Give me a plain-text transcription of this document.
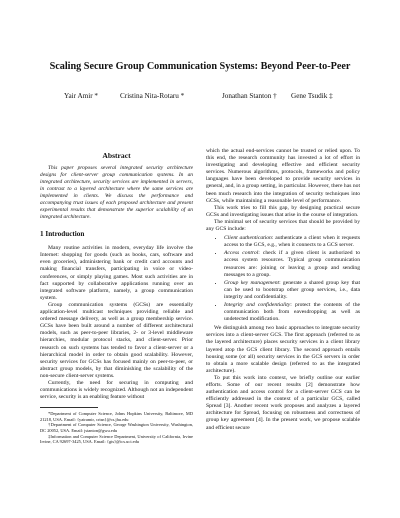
Scaling Secure Group Communication Systems: Beyond Peer-to-Peer
Yair Amir *	Cristina Nita-Rotaru *	Jonathan Stanton † Gene Tsudik ‡
Abstract

This paper proposes several integrated security architecture designs for client-server group communication systems. In an integrated architecture, security services are implemented in servers, in contrast to a layered architecture where the same services are implemented in clients. We discuss the performance and accompanying trust issues of each proposed architecture and present experimental results that demonstrate the superior scalability of an integrated architecture.

1 Introduction

Many routine activities in modern, everyday life involve the Internet: shopping for goods (such as books, cars, software and even groceries), administering bank or credit card accounts and making financial transfers, participating in voice or video-conferences, or simply playing games. Most such activities are in fact supported by collaborative applications running over an integrated software platform, namely, a group communication system.

Group communication systems (GCSs) are essentially application-level multicast techniques providing reliable and ordered message delivery, as well as a group membership service. GCSs have been built around a number of different architectural models, such as peer-to-peer libraries, 2- or 3-level middleware hierarchies, modular protocol stacks, and client-server. Prior research on such systems has tended to favor a client-server or a hierarchical model in order to obtain good scalability. However, security services for GCSs has focused mainly on peer-to-peer, or abstract group models, by that diminishing the scalability of the non-secure client-server systems.

Currently, the need for securing in computing and communications is widely recognized. Although not an independent service, security is an enabling feature without

*Department of Computer Science, Johns Hopkins University, Baltimore, MD 21218, USA. Email: {yairamir, crisn}@cs.jhu.edu

†Department of Computer Science, George Washington University, Washington, DC 20052, USA. Email: jstanton@gwu.edu

‡Information and Computer Science Department, University of California, Irvine Irvine, CA 92697-3425, USA. Email: {gts}@ics.uci.edu

which the actual end-services cannot be trusted or relied upon. To this end, the research community has invested a lot of effort in investigating and developing effective and efficient security services. Numerous algorithms, protocols, frameworks and policy languages have been developed to provide security services in general, and, in a group setting, in particular. However, there has not been much research into the integration of security techniques into GCSs, while maintaining a reasonable level of performance.

This work tries to fill this gap, by designing practical secure GCSs and investigating issues that arise in the course of integration.

The minimal set of security services that should be provided by any GCS include:

• Client authentication: authenticate a client when it requests access to the GCS, e.g., when it connects to a GCS server.
• Access control: check if a given client is authorized to access system resources. Typical group communication resources are: joining or leaving a group and sending messages to a group.
• Group key management: generate a shared group key that can be used to bootstrap other group services, i.e., data integrity and confidentiality.
• Integrity and confidentiality: protect the contents of the communication both from eavesdropping as well as undetected modification.

We distinguish among two basic approaches to integrate security services into a client-server GCS. The first approach (referred to as the layered architecture) places security services in a client library layered atop the GCS client library. The second approach entails housing some (or all) security services in the GCS servers in order to obtain a more scalable design (referred to as the integrated architecture).

To put this work into context, we briefly outline our earlier efforts. Some of our recent results [2] demonstrate how authentication and access control for a client-server GCS can be efficiently addressed in the context of a particular GCS, called Spread [3]. Another recent work proposes and analyzes a layered architecture for Spread, focusing on robustness and correctness of group key agreement [4]. In the present work, we propose scalable and efficient secure
